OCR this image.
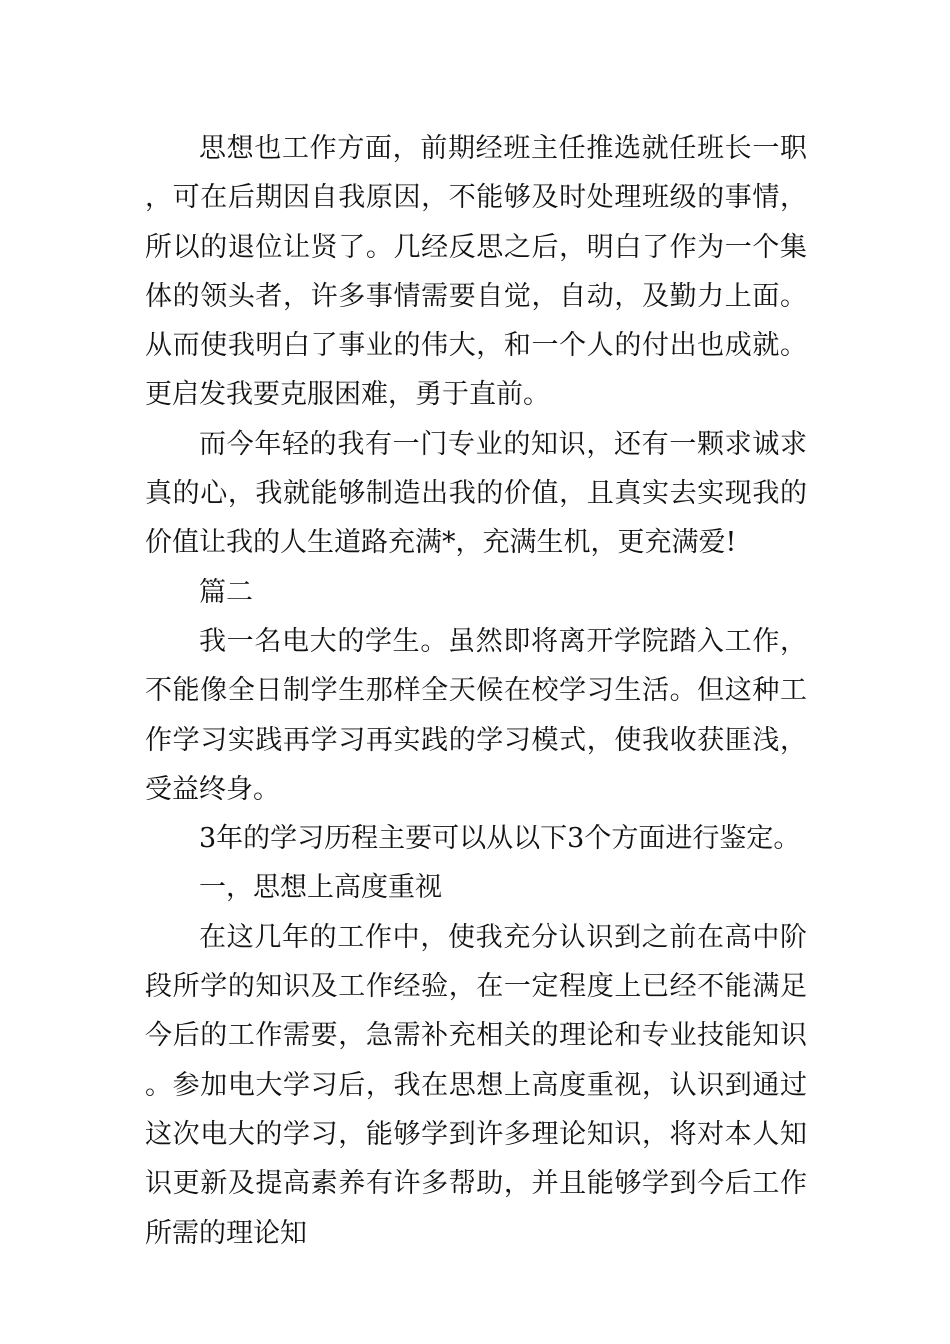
思想也工作方面，前期经班主任推选就任班长一职，可在后期因自我原因，不能够及时处理班级的事情，所以的退位让贤了。几经反思之后，明白了作为一个集体的领头者，许多事情需要自觉，自动，及勤力上面。从而使我明白了事业的伟大，和一个人的付出也成就。更启发我要克服困难，勇于直前。

而今年轻的我有一门专业的知识，还有一颗求诚求真的心，我就能够制造出我的价值，且真实去实现我的价值让我的人生道路充满*，充满生机，更充满爱!

篇二

我一名电大的学生。虽然即将离开学院踏入工作，不能像全日制学生那样全天候在校学习生活。但这种工作学习实践再学习再实践的学习模式，使我收获匪浅，受益终身。

3年的学习历程主要可以从以下3个方面进行鉴定。

一，思想上高度重视

在这几年的工作中，使我充分认识到之前在高中阶段所学的知识及工作经验，在一定程度上已经不能满足今后的工作需要，急需补充相关的理论和专业技能知识。参加电大学习后，我在思想上高度重视，认识到通过这次电大的学习，能够学到许多理论知识，将对本人知识更新及提高素养有许多帮助，并且能够学到今后工作所需的理论知
